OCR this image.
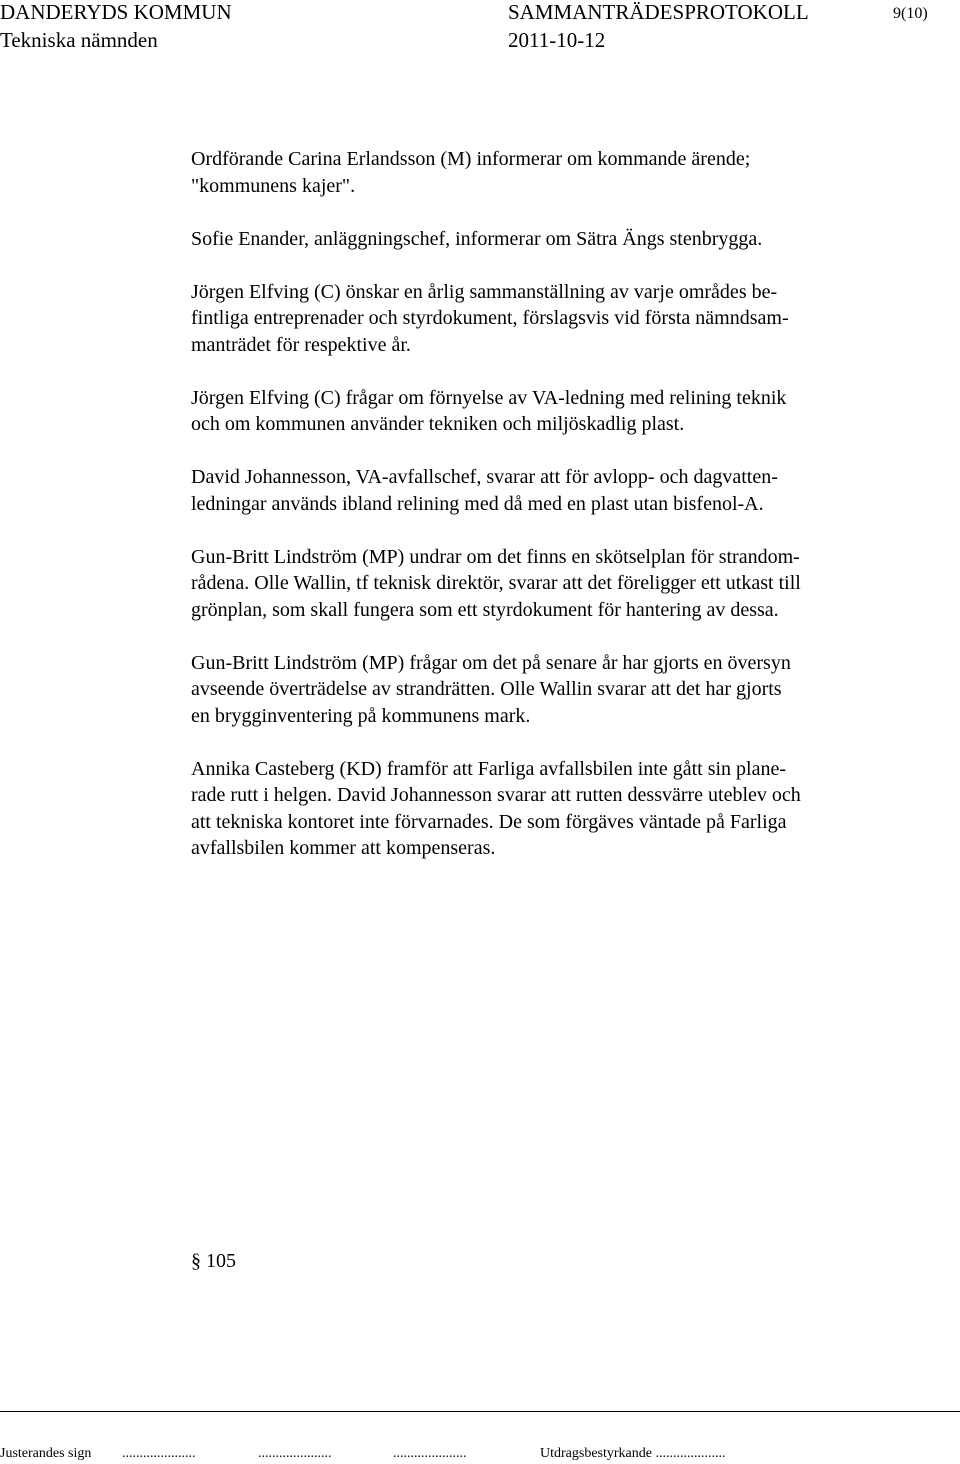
DANDERYDS KOMMUN
Tekniska nämnden
SAMMANTRÄDESPROTOKOLL
2011-10-12
9(10)
Ordförande Carina Erlandsson (M) informerar om kommande ärende;
"kommunens kajer".
Sofie Enander, anläggningschef, informerar om Sätra Ängs stenbrygga.
Jörgen Elfving (C) önskar en årlig sammanställning av varje områdes be-
fintliga entreprenader och styrdokument, förslagsvis vid första nämndsam-
manträdet för respektive år.
Jörgen Elfving (C) frågar om förnyelse av VA-ledning med relining teknik
och om kommunen använder tekniken och miljöskadlig plast.
David Johannesson, VA-avfallschef, svarar att för avlopp- och dagvatten-
ledningar används ibland relining med då med en plast utan bisfenol-A.
Gun-Britt Lindström (MP) undrar om det finns en skötselplan för strandom-
rådena. Olle Wallin, tf teknisk direktör, svarar att det föreligger ett utkast till
grönplan, som skall fungera som ett styrdokument för hantering av dessa.
Gun-Britt Lindström (MP) frågar om det på senare år har gjorts en översyn
avseende överträdelse av strandrätten. Olle Wallin svarar att det har gjorts
en brygginventering på kommunens mark.
Annika Casteberg (KD) framför att Farliga avfallsbilen inte gått sin plane-
rade rutt i helgen. David Johannesson svarar att rutten dessvärre uteblev och
att tekniska kontoret inte förvarnades. De som förgäves väntade på Farliga
avfallsbilen kommer att kompenseras.
§ 105
Justerandes sign .....................	.....................	.....................	Utdragsbestyrkande ....................
